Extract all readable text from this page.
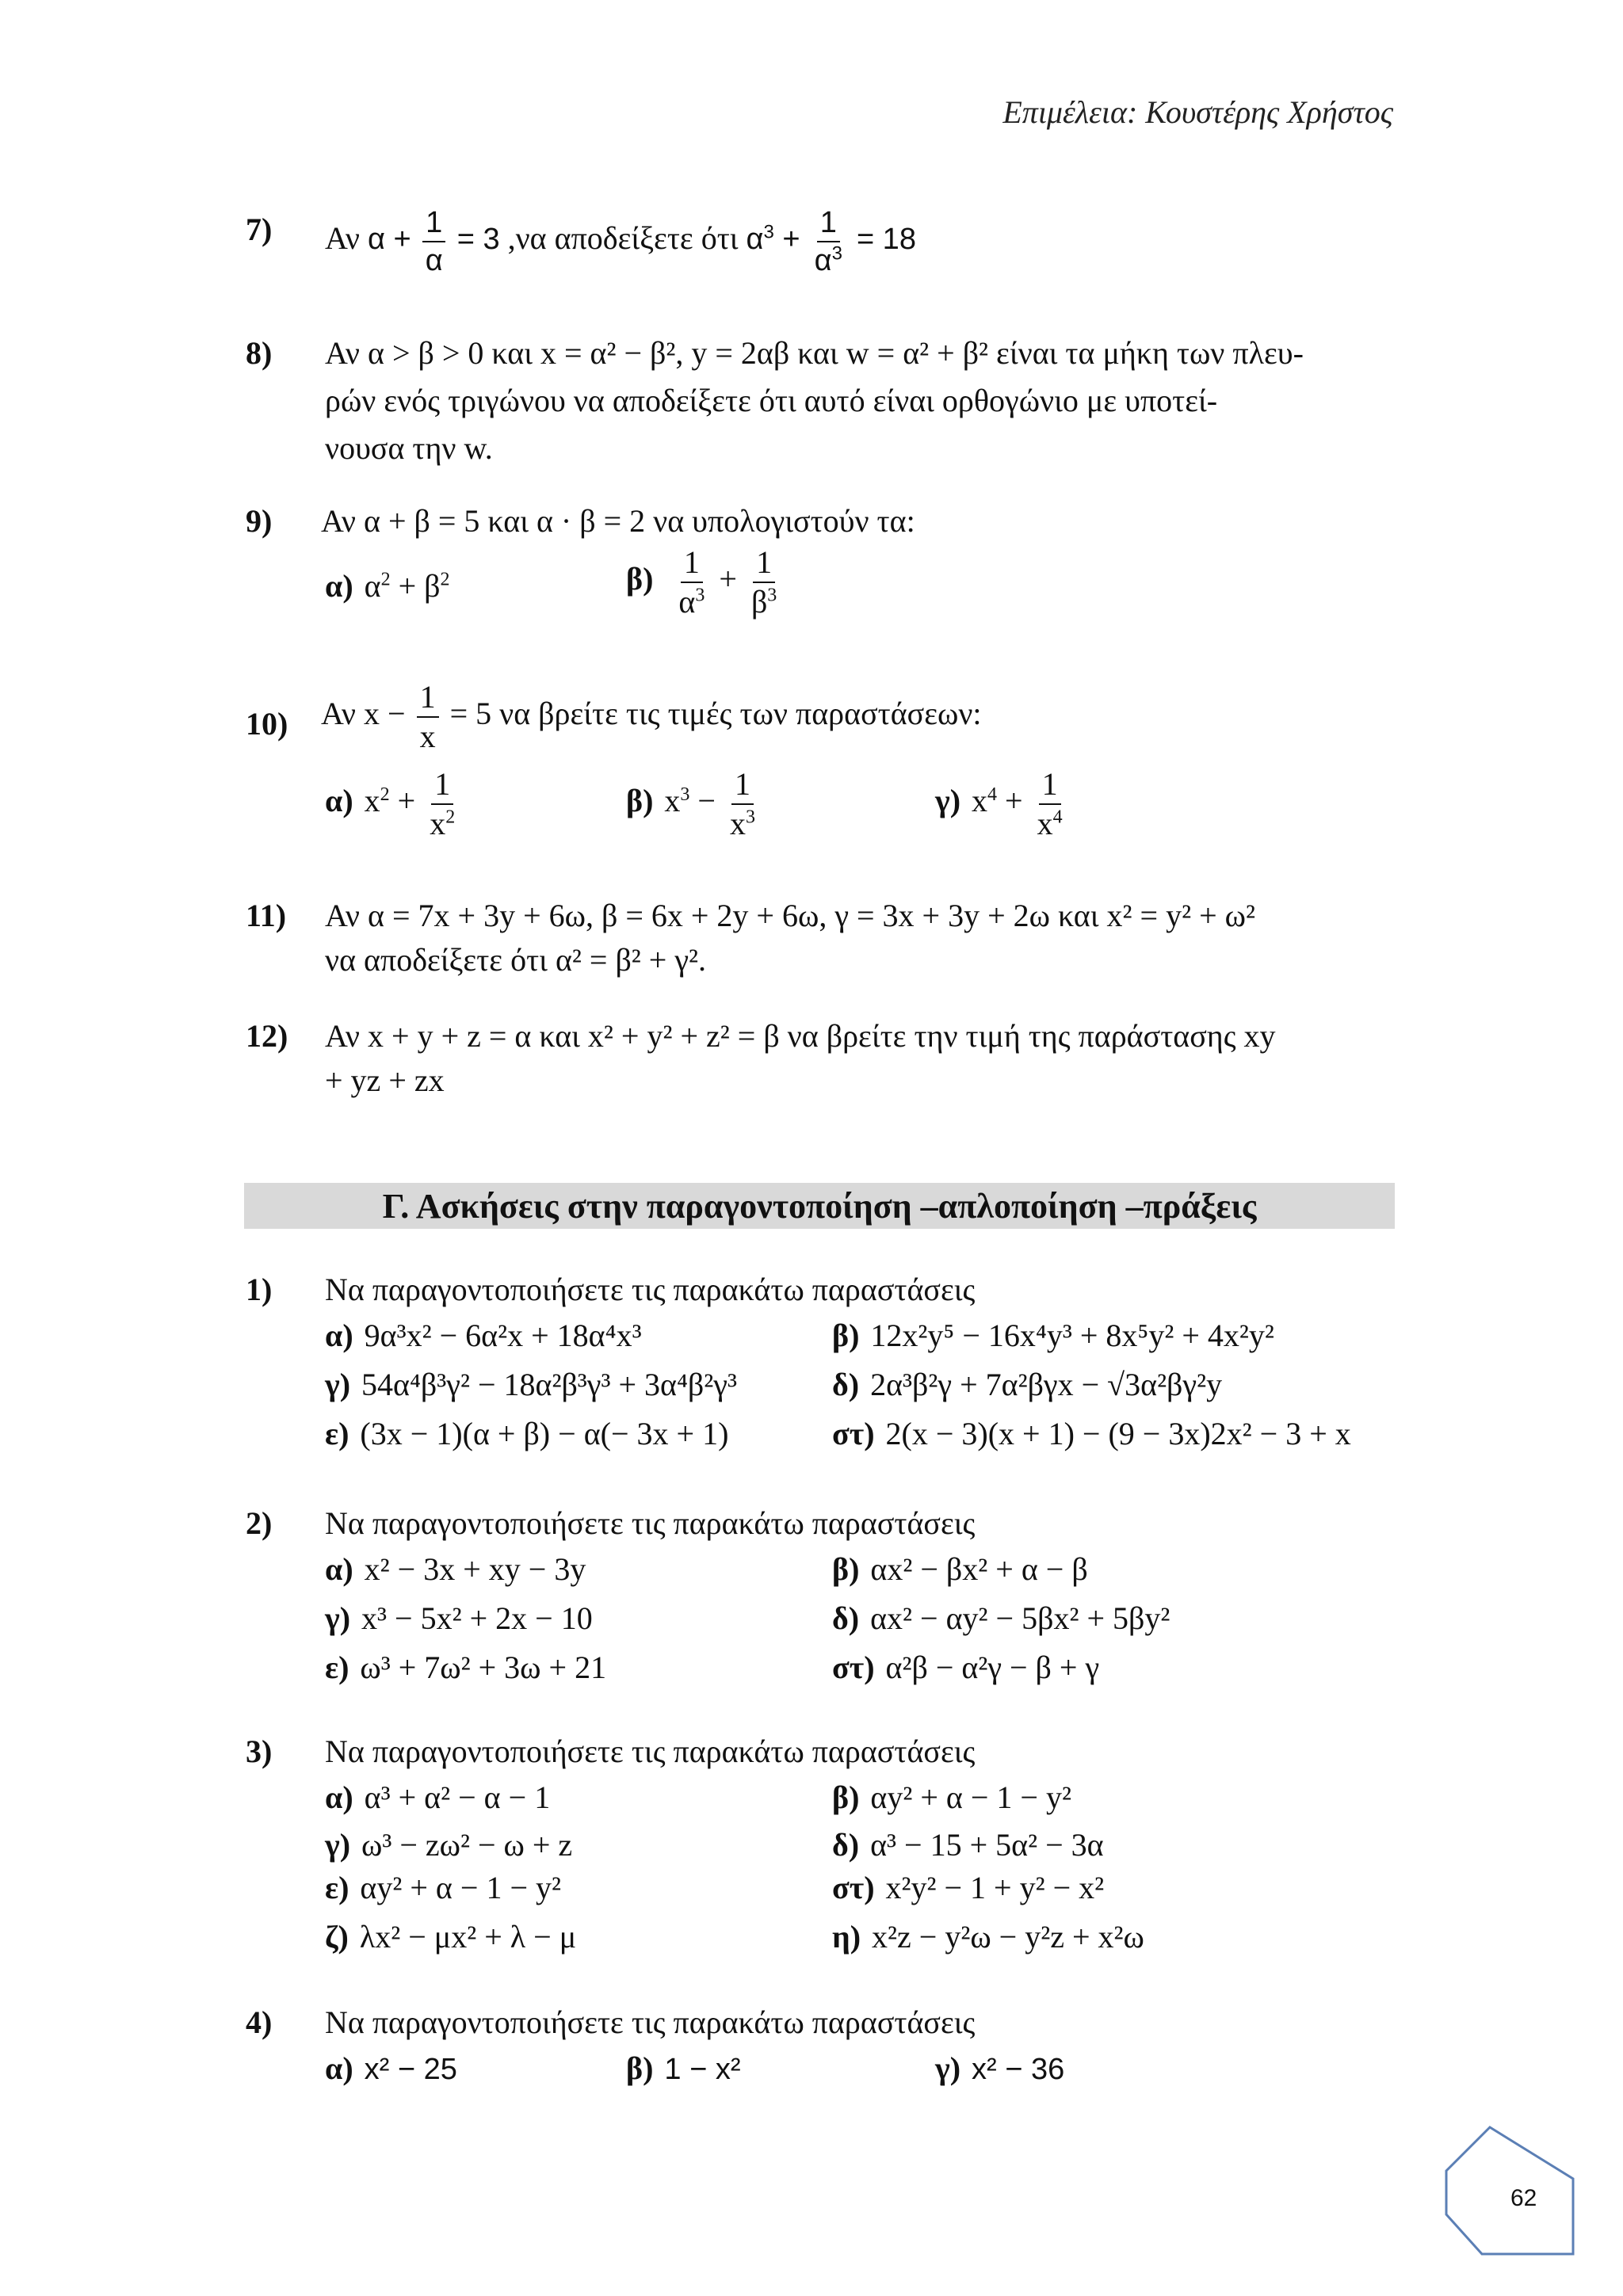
Επιμέλεια: Κουστέρης Χρήστος
7) Αν $\alpha + \frac{1}{\alpha} = 3$ ,να αποδείξετε ότι $\alpha^3 + \frac{1}{\alpha^3} = 18$
8) Αν α > β > 0 και x = α² − β², y = 2αβ και w = α² + β² είναι τα μήκη των πλευ-
ρών ενός τριγώνου να αποδείξετε ότι αυτό είναι ορθογώνιο με υποτεί-
νουσα την w.
9) Αν α + β = 5 και α · β = 2 να υπολογιστούν τα:
α) $\alpha^2 + \beta^2$	$\beta) \frac{1}{\alpha^3} + \frac{1}{\beta^3}$
10) Αν $x - \frac{1}{x} = 5$ να βρείτε τις τιμές των παραστάσεων:
α) $x^2 + \frac{1}{x^2}$	β) $x^3 - \frac{1}{x^3}$	γ) $x^4 + \frac{1}{x^4}$
11) Αν α = 7x + 3y + 6ω, β = 6x + 2y + 6ω, γ = 3x + 3y + 2ω και x² = y² + ω²
να αποδείξετε ότι α² = β² + γ².
12) Αν x + y + z = α και x² + y² + z² = β να βρείτε την τιμή της παράστασης xy
+ yz + zx
Γ. Ασκήσεις στην παραγοντοποίηση –απλοποίηση –πράξεις
1) Να παραγοντοποιήσετε τις παρακάτω παραστάσεις
α) 9α³x² − 6α²x + 18α⁴x³	β) 12x²y⁵ − 16x⁴y³ + 8x⁵y² + 4x²y²
γ) 54α⁴β³γ² − 18α²β³γ³ + 3α⁴β²γ³	δ) 2α³β²γ + 7α²βγx − √3α²βγ²y
ε) (3x − 1)(α + β) − α(− 3x + 1)	στ) 2(x − 3)(x + 1) − (9 − 3x)2x² − 3 + x
2) Να παραγοντοποιήσετε τις παρακάτω παραστάσεις
α) x² − 3x + xy − 3y	β) αx² − βx² + α − β
γ) x³ − 5x² + 2x − 10	δ) αx² − αy² − 5βx² + 5βy²
ε) ω³ + 7ω² + 3ω + 21	στ) α²β − α²γ − β + γ
3) Να παραγοντοποιήσετε τις παρακάτω παραστάσεις
α) α³ + α² − α − 1	β) αy² + α − 1 − y²
γ) ω³ − zω² − ω + z	δ) α³ − 15 + 5α² − 3α
ε) αy² + α − 1 − y²	στ) x²y² − 1 + y² − x²
ζ) λx² − μx² + λ − μ	η) x²z − y²ω − y²z + x²ω
4) Να παραγοντοποιήσετε τις παρακάτω παραστάσεις
α) x² − 25	β) 1 − x²	γ) x² − 36
62
